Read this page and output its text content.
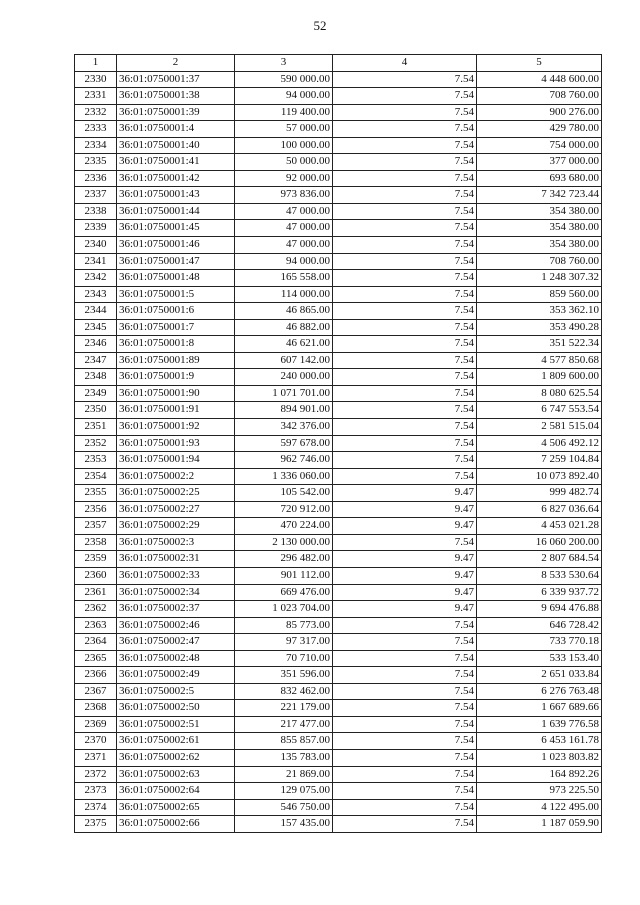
52
1	2	3	4	5
2330	36:01:0750001:37	590 000.00	7.54	4 448 600.00
2331	36:01:0750001:38	94 000.00	7.54	708 760.00
2332	36:01:0750001:39	119 400.00	7.54	900 276.00
2333	36:01:0750001:4	57 000.00	7.54	429 780.00
2334	36:01:0750001:40	100 000.00	7.54	754 000.00
2335	36:01:0750001:41	50 000.00	7.54	377 000.00
2336	36:01:0750001:42	92 000.00	7.54	693 680.00
2337	36:01:0750001:43	973 836.00	7.54	7 342 723.44
2338	36:01:0750001:44	47 000.00	7.54	354 380.00
2339	36:01:0750001:45	47 000.00	7.54	354 380.00
2340	36:01:0750001:46	47 000.00	7.54	354 380.00
2341	36:01:0750001:47	94 000.00	7.54	708 760.00
2342	36:01:0750001:48	165 558.00	7.54	1 248 307.32
2343	36:01:0750001:5	114 000.00	7.54	859 560.00
2344	36:01:0750001:6	46 865.00	7.54	353 362.10
2345	36:01:0750001:7	46 882.00	7.54	353 490.28
2346	36:01:0750001:8	46 621.00	7.54	351 522.34
2347	36:01:0750001:89	607 142.00	7.54	4 577 850.68
2348	36:01:0750001:9	240 000.00	7.54	1 809 600.00
2349	36:01:0750001:90	1 071 701.00	7.54	8 080 625.54
2350	36:01:0750001:91	894 901.00	7.54	6 747 553.54
2351	36:01:0750001:92	342 376.00	7.54	2 581 515.04
2352	36:01:0750001:93	597 678.00	7.54	4 506 492.12
2353	36:01:0750001:94	962 746.00	7.54	7 259 104.84
2354	36:01:0750002:2	1 336 060.00	7.54	10 073 892.40
2355	36:01:0750002:25	105 542.00	9.47	999 482.74
2356	36:01:0750002:27	720 912.00	9.47	6 827 036.64
2357	36:01:0750002:29	470 224.00	9.47	4 453 021.28
2358	36:01:0750002:3	2 130 000.00	7.54	16 060 200.00
2359	36:01:0750002:31	296 482.00	9.47	2 807 684.54
2360	36:01:0750002:33	901 112.00	9.47	8 533 530.64
2361	36:01:0750002:34	669 476.00	9.47	6 339 937.72
2362	36:01:0750002:37	1 023 704.00	9.47	9 694 476.88
2363	36:01:0750002:46	85 773.00	7.54	646 728.42
2364	36:01:0750002:47	97 317.00	7.54	733 770.18
2365	36:01:0750002:48	70 710.00	7.54	533 153.40
2366	36:01:0750002:49	351 596.00	7.54	2 651 033.84
2367	36:01:0750002:5	832 462.00	7.54	6 276 763.48
2368	36:01:0750002:50	221 179.00	7.54	1 667 689.66
2369	36:01:0750002:51	217 477.00	7.54	1 639 776.58
2370	36:01:0750002:61	855 857.00	7.54	6 453 161.78
2371	36:01:0750002:62	135 783.00	7.54	1 023 803.82
2372	36:01:0750002:63	21 869.00	7.54	164 892.26
2373	36:01:0750002:64	129 075.00	7.54	973 225.50
2374	36:01:0750002:65	546 750.00	7.54	4 122 495.00
2375	36:01:0750002:66	157 435.00	7.54	1 187 059.90
